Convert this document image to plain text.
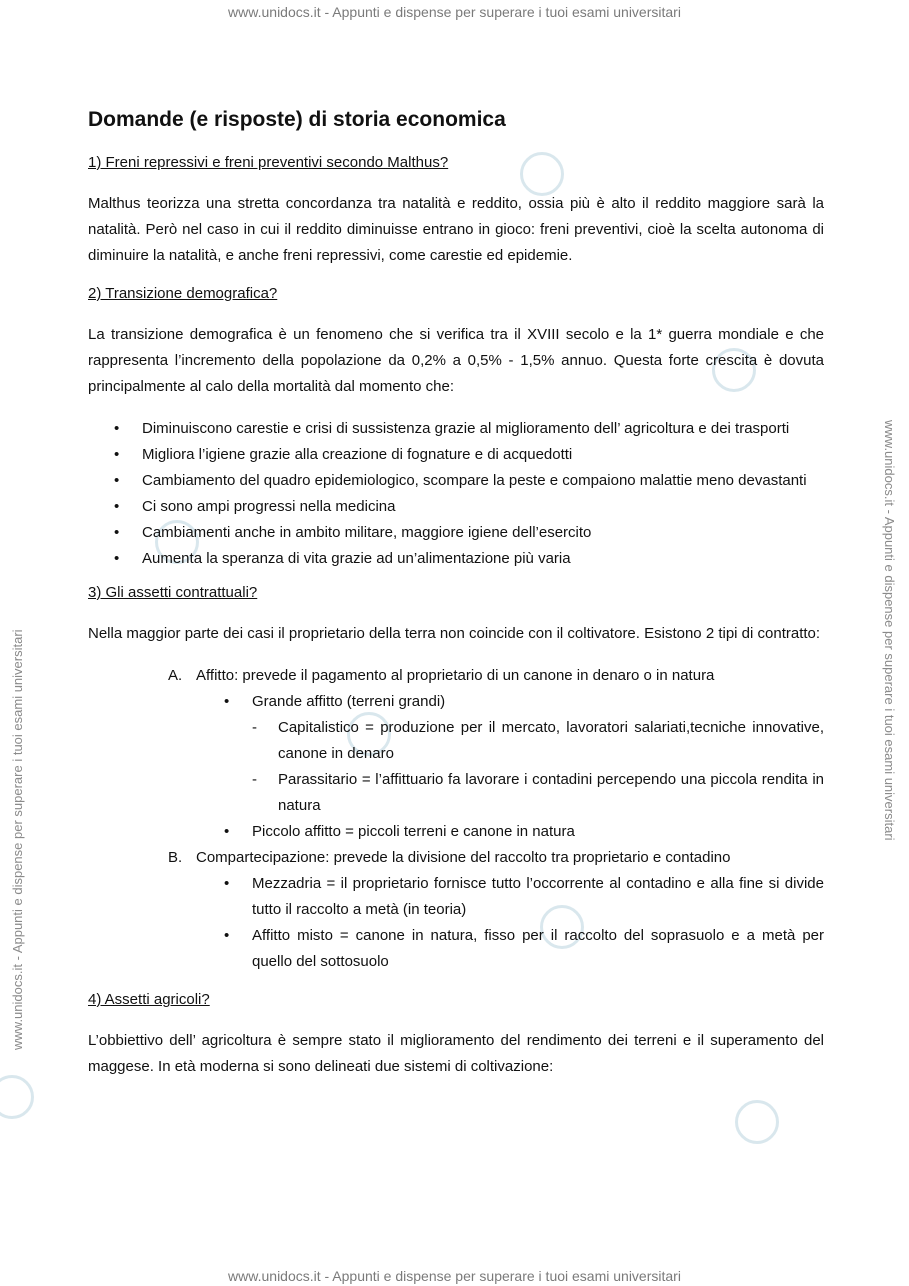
www.unidocs.it - Appunti e dispense per superare i tuoi esami universitari
www.unidocs.it - Appunti e dispense per superare i tuoi esami universitari	www.unidocs.it - Appunti e dispense per superare i tuoi esami universitari
Domande (e risposte) di storia economica
1) Freni repressivi e freni preventivi secondo Malthus?
Malthus teorizza una stretta concordanza tra natalità e reddito, ossia più è alto il reddito maggiore sarà la natalità. Però nel caso in cui il reddito diminuisse entrano in gioco: freni preventivi, cioè la scelta autonoma di diminuire la natalità, e anche freni repressivi, come carestie ed epidemie.
2) Transizione demografica?
La transizione demografica è un fenomeno che si verifica tra il XVIII secolo e la 1* guerra mondiale e che rappresenta l’incremento della popolazione da 0,2% a 0,5% - 1,5% annuo. Questa forte crescita è dovuta principalmente al calo della mortalità dal momento che:
• Diminuiscono carestie e crisi di sussistenza grazie al miglioramento dell’ agricoltura e dei trasporti
• Migliora l’igiene grazie alla creazione di fognature e di acquedotti
• Cambiamento del quadro epidemiologico, scompare la peste e compaiono malattie meno devastanti
• Ci sono ampi progressi nella medicina
• Cambiamenti anche in ambito militare, maggiore igiene dell’esercito
• Aumenta la speranza di vita grazie ad un’alimentazione più varia
3) Gli assetti contrattuali?
Nella maggior parte dei casi il proprietario della terra non coincide con il coltivatore. Esistono 2 tipi di contratto:
A. Affitto: prevede il pagamento al proprietario di un canone in denaro o in natura
• Grande affitto (terreni grandi)
- Capitalistico = produzione per il mercato, lavoratori salariati,tecniche innovative, canone in denaro
- Parassitario = l’affittuario fa lavorare i contadini percependo una piccola rendita in natura
• Piccolo affitto = piccoli terreni e canone in natura
B. Compartecipazione: prevede la divisione del raccolto tra proprietario e contadino
• Mezzadria = il proprietario fornisce tutto l’occorrente al contadino e alla fine si divide tutto il raccolto a metà (in teoria)
• Affitto misto = canone in natura, fisso per il raccolto del soprasuolo e a metà per quello del sottosuolo
4) Assetti agricoli?
L’obbiettivo dell’ agricoltura è sempre stato il miglioramento del rendimento dei terreni e il superamento del maggese. In età moderna si sono delineati due sistemi di coltivazione:
www.unidocs.it - Appunti e dispense per superare i tuoi esami universitari
